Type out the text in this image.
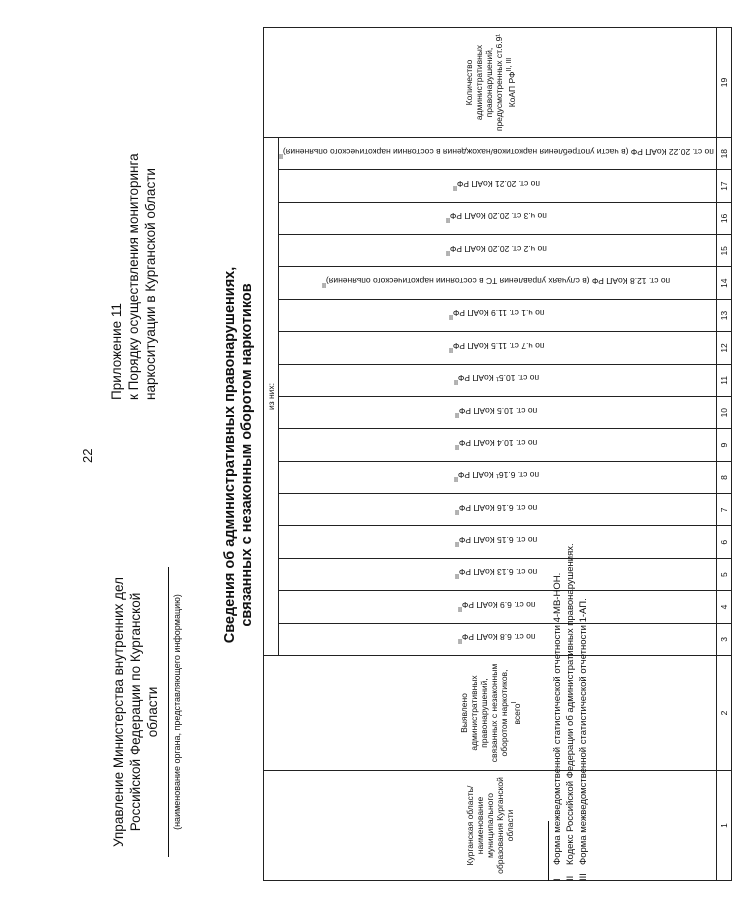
22
Приложение 11 к Порядку осуществления мониторинга наркоситуации в Курганской области
Управление Министерства внутренних дел Российской Федерации по Курганской области (наименование органа, представляющего информацию)
Сведения об административных правонарушениях, связанных с незаконным оборотом наркотиков
Курганская область/ наименование муниципального образования Курганской области	Выявлено административных правонарушений, связанных с незаконным оборотом наркотиков, всего$^I$	из них:																Количество административных правонарушений, предусмотренных ст.6.9¹ КоАП $РФ^{II, III}$
		по ст. 6.8 КоАП $РФ^{II}$	по ст. 6.9 КоАП $РФ^{II}$	по ст. 6.13 КоАП $РФ^{II}$	по ст. 6.15 КоАП $РФ^{II}$	по ст. 6.16 КоАП $РФ^{II}$	по ст. 6.16¹ КоАП $РФ^{II}$	по ст. 10.4 КоАП $РФ^{II}$	по ст. 10.5 КоАП $РФ^{II}$	по ст. 10.5¹ КоАП $РФ^{II}$	по ч.7 ст. 11.5 КоАП $РФ^{II}$	по ч.1 ст. 11.9 КоАП $РФ^{II}$	по ст. 12.8 КоАП РФ (в случаях управления ТС в состоянии наркотического опьянения)$^{II}$	по ч.2 ст. 20.20 КоАП $РФ^{II}$	по ч.3 ст. 20.20 КоАП $РФ^{II}$	по ст. 20.21 КоАП $РФ^{II}$	по ст. 20.22 КоАП РФ (в части употребления наркотиков/нахождения в состоянии наркотического опьянения)$^{II}$
1	2	3	4	5	6	7	8	9	10	11	12	13	14	15	16	17	18	19
IФорма межведомственной статистической отчетности 4-МВ-НОН.
IIКодекс Российской Федерации об административных правонарушениях.
IIIФорма межведомственной статистической отчетности 1-АП.
